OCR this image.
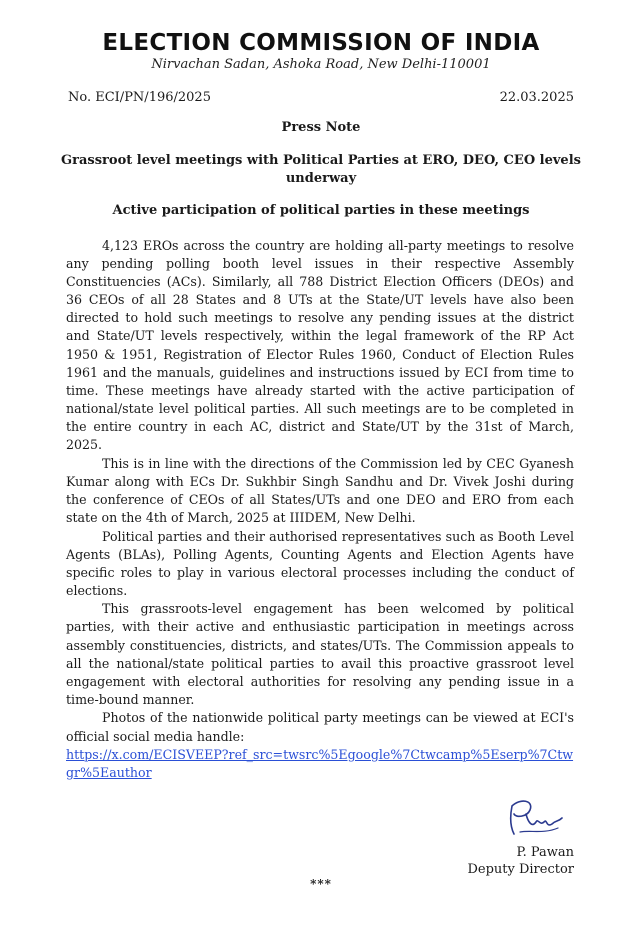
ELECTION COMMISSION OF INDIA
Nirvachan Sadan, Ashoka Road, New Delhi-110001
No. ECI/PN/196/2025	22.03.2025
Press Note
Grassroot level meetings with Political Parties at ERO, DEO, CEO levels underway
Active participation of political parties in these meetings

4,123 EROs across the country are holding all-party meetings to resolve any pending polling booth level issues in their respective Assembly Constituencies (ACs). Similarly, all 788 District Election Officers (DEOs) and 36 CEOs of all 28 States and 8 UTs at the State/UT levels have also been directed to hold such meetings to resolve any pending issues at the district and State/UT levels respectively, within the legal framework of the RP Act 1950 & 1951, Registration of Elector Rules 1960, Conduct of Election Rules 1961 and the manuals, guidelines and instructions issued by ECI from time to time. These meetings have already started with the active participation of national/state level political parties. All such meetings are to be completed in the entire country in each AC, district and State/UT by the 31st of March, 2025.

This is in line with the directions of the Commission led by CEC Gyanesh Kumar along with ECs Dr. Sukhbir Singh Sandhu and Dr. Vivek Joshi during the conference of CEOs of all States/UTs and one DEO and ERO from each state on the 4th of March, 2025 at IIIDEM, New Delhi.

Political parties and their authorised representatives such as Booth Level Agents (BLAs), Polling Agents, Counting Agents and Election Agents have specific roles to play in various electoral processes including the conduct of elections.

This grassroots-level engagement has been welcomed by political parties, with their active and enthusiastic participation in meetings across assembly constituencies, districts, and states/UTs. The Commission appeals to all the national/state political parties to avail this proactive grassroot level engagement with electoral authorities for resolving any pending issue in a time-bound manner.

Photos of the nationwide political party meetings can be viewed at ECI's official social media handle:

https://x.com/ECISVEEP?ref_src=twsrc%5Egoogle%7Ctwcamp%5Eserp%7Ctwgr%5Eauthor
P. Pawan
Deputy Director
***
